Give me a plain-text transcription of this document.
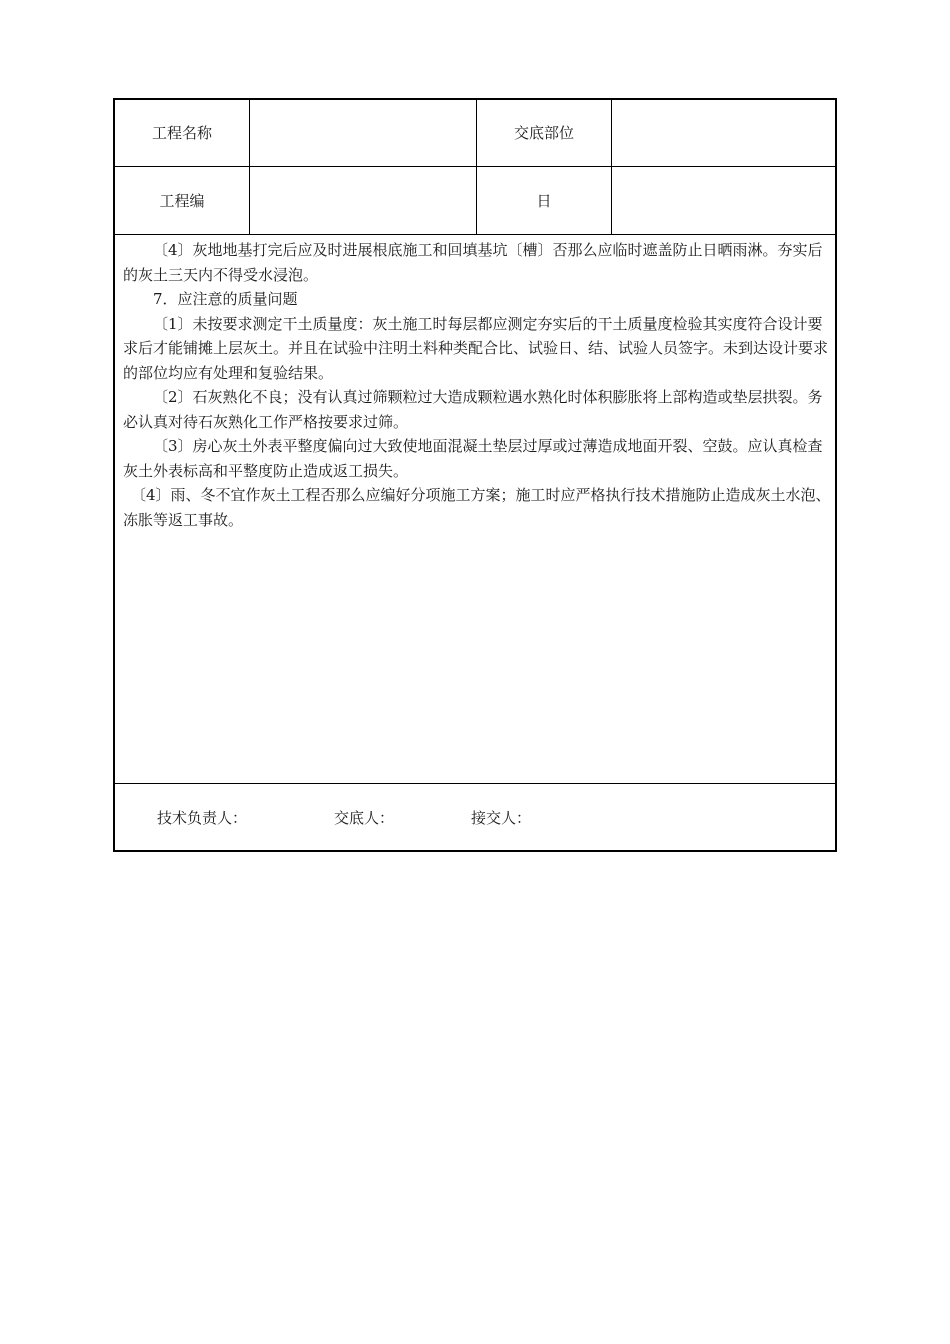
工程名称	交底部位
工程编	日

〔4〕灰地地基打完后应及时进展根底施工和回填基坑〔槽〕否那么应临时遮盖防止日晒雨淋。夯实后的灰土三天内不得受水浸泡。

7．应注意的质量问题

〔1〕未按要求测定干土质量度：灰土施工时每层都应测定夯实后的干土质量度检验其实度符合设计要求后才能铺摊上层灰土。并且在试验中注明土料种类配合比、试验日、结、试验人员签字。未到达设计要求的部位均应有处理和复验结果。

〔2〕石灰熟化不良；没有认真过筛颗粒过大造成颗粒遇水熟化时体积膨胀将上部构造或垫层拱裂。务必认真对待石灰熟化工作严格按要求过筛。

〔3〕房心灰土外表平整度偏向过大致使地面混凝土垫层过厚或过薄造成地面开裂、空鼓。应认真检查灰土外表标高和平整度防止造成返工损失。

〔4〕雨、冬不宜作灰土工程否那么应编好分项施工方案；施工时应严格执行技术措施防止造成灰土水泡、冻胀等返工事故。

技术负责人：	交底人：	接交人：
